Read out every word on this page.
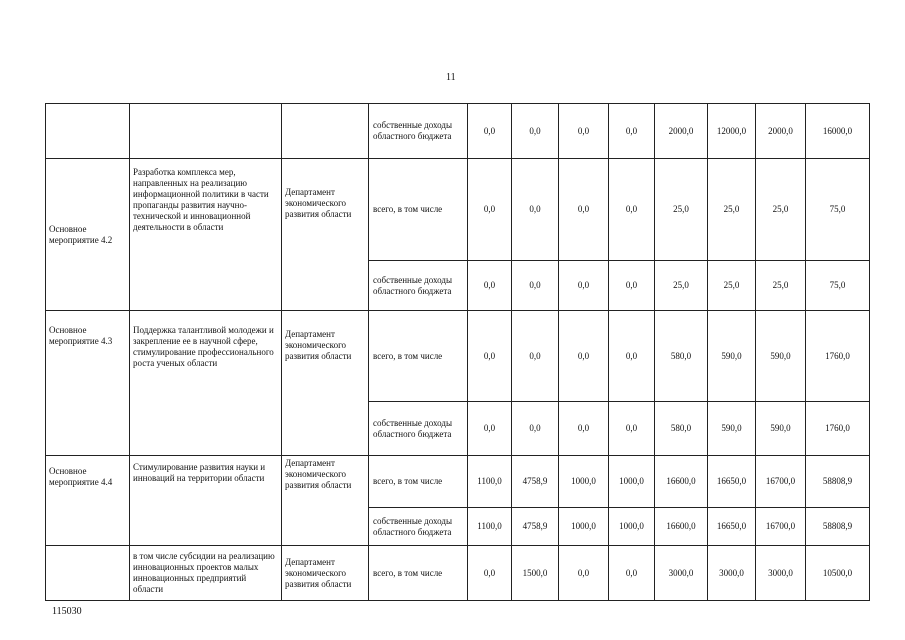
11
			собственные доходы областного бюджета	0,0	0,0	0,0	0,0	2000,0	12000,0	2000,0	16000,0
Основное мероприятие 4.2	Разработка комплекса мер, направленных на реализацию информационной политики в части пропаганды развития научно-технической и инновационной деятельности в области	Департамент экономического развития области	всего, в том числе	0,0	0,0	0,0	0,0	25,0	25,0	25,0	75,0
			собственные доходы областного бюджета	0,0	0,0	0,0	0,0	25,0	25,0	25,0	75,0
Основное мероприятие 4.3	Поддержка талантливой молодежи и закрепление ее в научной сфере, стимулирование профессионального роста ученых области	Департамент экономического развития области	всего, в том числе	0,0	0,0	0,0	0,0	580,0	590,0	590,0	1760,0
			собственные доходы областного бюджета	0,0	0,0	0,0	0,0	580,0	590,0	590,0	1760,0
Основное мероприятие 4.4	Стимулирование развития науки и инноваций на территории области	Департамент экономического развития области	всего, в том числе	1100,0	4758,9	1000,0	1000,0	16600,0	16650,0	16700,0	58808,9
			собственные доходы областного бюджета	1100,0	4758,9	1000,0	1000,0	16600,0	16650,0	16700,0	58808,9
	в том числе субсидии на реализацию инновационных проектов малых инновационных предприятий области	Департамент экономического развития области	всего, в том числе	0,0	1500,0	0,0	0,0	3000,0	3000,0	3000,0	10500,0
115030
